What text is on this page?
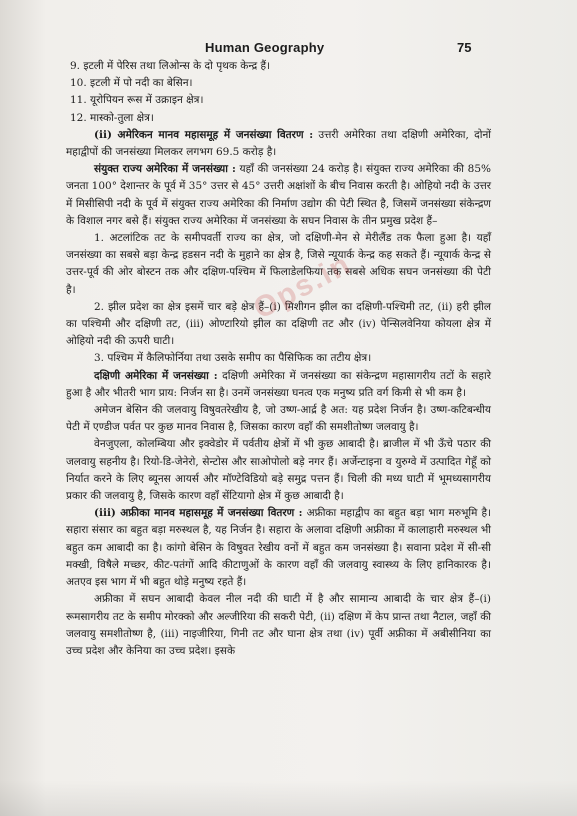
Human Geography	75
9. इटली में पेरिस तथा लिओन्स के दो पृथक केन्द्र हैं।
10. इटली में पो नदी का बेसिन।
11. यूरोपियन रूस में उक्राइन क्षेत्र।
12. मास्को-तुला क्षेत्र।

(ii) अमेरिकन मानव महासमूह में जनसंख्या वितरण : उत्तरी अमेरिका तथा दक्षिणी अमेरिका, दोनों महाद्वीपों की जनसंख्या मिलकर लगभग 69.5 करोड़ है।

संयुक्त राज्य अमेरिका में जनसंख्या : यहाँ की जनसंख्या 24 करोड़ है। संयुक्त राज्य अमेरिका की 85% जनता 100° देशान्तर के पूर्व में 35° उत्तर से 45° उत्तरी अक्षांशों के बीच निवास करती है। ओहियो नदी के उत्तर में मिसीसिपी नदी के पूर्व में संयुक्त राज्य अमेरिका की निर्माण उद्योग की पेटी स्थित है, जिसमें जनसंख्या संकेन्द्रण के विशाल नगर बसे हैं। संयुक्त राज्य अमेरिका में जनसंख्या के सघन निवास के तीन प्रमुख प्रदेश हैं–

1. अटलांटिक तट के समीपवर्ती राज्य का क्षेत्र, जो दक्षिणी-मेन से मेरीलैंड तक फैला हुआ है। यहाँ जनसंख्या का सबसे बड़ा केन्द्र हडसन नदी के मुहाने का क्षेत्र है, जिसे न्यूयार्क केन्द्र कह सकते हैं। न्यूयार्क केन्द्र से उत्तर-पूर्व की ओर बोस्टन तक और दक्षिण-पश्चिम में फिलाडेलफिया तक सबसे अधिक सघन जनसंख्या की पेटी है।

2. झील प्रदेश का क्षेत्र इसमें चार बड़े क्षेत्र हैं–(i) मिशीगन झील का दक्षिणी-पश्चिमी तट, (ii) हरी झील का पश्चिमी और दक्षिणी तट, (iii) ओण्टारियो झील का दक्षिणी तट और (iv) पेन्सिलवेनिया कोयला क्षेत्र में ओहियो नदी की ऊपरी घाटी।

3. पश्चिम में कैलिफोर्निया तथा उसके समीप का पैसिफिक का तटीय क्षेत्र।

दक्षिणी अमेरिका में जनसंख्या : दक्षिणी अमेरिका में जनसंख्या का संकेन्द्रण महासागरीय तटों के सहारे हुआ है और भीतरी भाग प्राय: निर्जन सा है। उनमें जनसंख्या घनत्व एक मनुष्य प्रति वर्ग किमी से भी कम है।

अमेजन बेसिन की जलवायु विषुवतरेखीय है, जो उष्ण-आर्द्र है अत: यह प्रदेश निर्जन है। उष्ण-कटिबन्धीय पेटी में एण्डीज पर्वत पर कुछ मानव निवास है, जिसका कारण वहाँ की समशीतोष्ण जलवायु है।

वेनजुएला, कोलम्बिया और इक्वेडोर में पर्वतीय क्षेत्रों में भी कुछ आबादी है। ब्राजील में भी ऊँचे पठार की जलवायु सहनीय है। रियो-डि-जेनेरो, सेन्टोस और साओपोलो बड़े नगर हैं। अर्जेन्टाइना व युरुग्वे में उत्पादित गेहूँ को निर्यात करने के लिए ब्यूनस आयर्स और मॉण्टेविडियो बड़े समुद्र पत्तन हैं। चिली की मध्य घाटी में भूमध्यसागरीय प्रकार की जलवायु है, जिसके कारण वहाँ सेंटियागो क्षेत्र में कुछ आबादी है।

(iii) अफ्रीका मानव महासमूह में जनसंख्या वितरण : अफ्रीका महाद्वीप का बहुत बड़ा भाग मरुभूमि है। सहारा संसार का बहुत बड़ा मरुस्थल है, यह निर्जन है। सहारा के अलावा दक्षिणी अफ्रीका में कालाहारी मरुस्थल भी बहुत कम आबादी का है। कांगो बेसिन के विषुवत रेखीय वनों में बहुत कम जनसंख्या है। सवाना प्रदेश में सी-सी मक्खी, विषैले मच्छर, कीट-पतंगों आदि कीटाणुओं के कारण वहाँ की जलवायु स्वास्थ्य के लिए हानिकारक है। अतएव इस भाग में भी बहुत थोड़े मनुष्य रहते हैं।

अफ्रीका में सघन आबादी केवल नील नदी की घाटी में है और सामान्य आबादी के चार क्षेत्र हैं–(i) रूमसागरीय तट के समीप मोरक्को और अल्जीरिया की सकरी पेटी, (ii) दक्षिण में केप प्रान्त तथा नैटाल, जहाँ की जलवायु समशीतोष्ण है, (iii) नाइजीरिया, गिनी तट और घाना क्षेत्र तथा (iv) पूर्वी अफ्रीका में अबीसीनिया का उच्च प्रदेश और केनिया का उच्च प्रदेश। इसके

Ops.in
